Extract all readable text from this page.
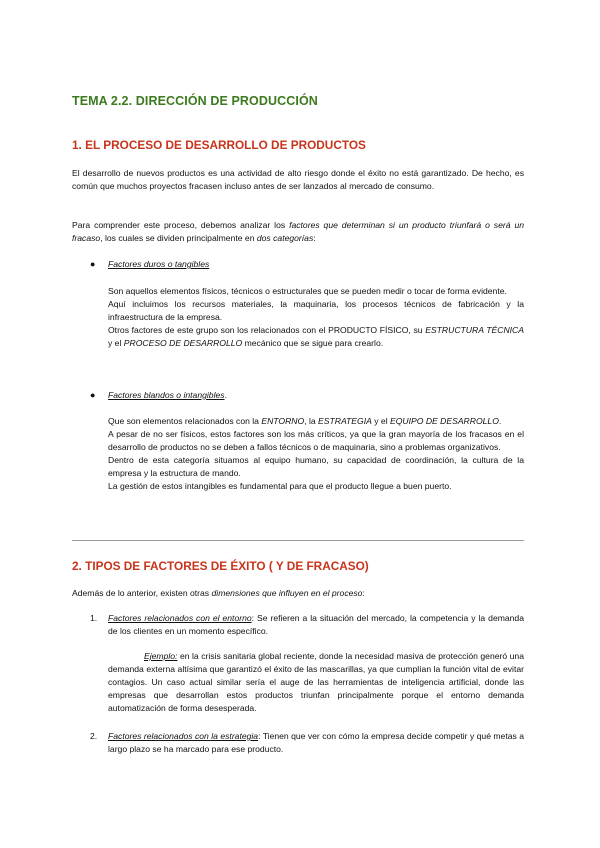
TEMA 2.2. DIRECCIÓN DE PRODUCCIÓN
1. EL PROCESO DE DESARROLLO DE PRODUCTOS
El desarrollo de nuevos productos es una actividad de alto riesgo donde el éxito no está garantizado. De hecho, es común que muchos proyectos fracasen incluso antes de ser lanzados al mercado de consumo.
Para comprender este proceso, debemos analizar los factores que determinan si un producto triunfará o será un fracaso, los cuales se dividen principalmente en dos categorías:
● Factores duros o tangibles
Son aquellos elementos físicos, técnicos o estructurales que se pueden medir o tocar de forma evidente.
Aquí incluimos los recursos materiales, la maquinaria, los procesos técnicos de fabricación y la infraestructura de la empresa.
Otros factores de este grupo son los relacionados con el PRODUCTO FÍSICO, su ESTRUCTURA TÉCNICA y el PROCESO DE DESARROLLO mecánico que se sigue para crearlo.
● Factores blandos o intangibles.
Que son elementos relacionados con la ENTORNO, la ESTRATEGIA y el EQUIPO DE DESARROLLO.
A pesar de no ser físicos, estos factores son los más críticos, ya que la gran mayoría de los fracasos en el desarrollo de productos no se deben a fallos técnicos o de maquinaria, sino a problemas organizativos.
Dentro de esta categoría situamos al equipo humano, su capacidad de coordinación, la cultura de la empresa y la estructura de mando.
La gestión de estos intangibles es fundamental para que el producto llegue a buen puerto.
2. TIPOS DE FACTORES DE ÉXITO ( Y DE FRACASO)
Además de lo anterior, existen otras dimensiones que influyen en el proceso:
1. Factores relacionados con el entorno: Se refieren a la situación del mercado, la competencia y la demanda de los clientes en un momento específico.
Ejemplo: en la crisis sanitaria global reciente, donde la necesidad masiva de protección generó una demanda externa altísima que garantizó el éxito de las mascarillas, ya que cumplían la función vital de evitar contagios. Un caso actual similar sería el auge de las herramientas de inteligencia artificial, donde las empresas que desarrollan estos productos triunfan principalmente porque el entorno demanda automatización de forma desesperada.
2. Factores relacionados con la estrategia: Tienen que ver con cómo la empresa decide competir y qué metas a largo plazo se ha marcado para ese producto.
